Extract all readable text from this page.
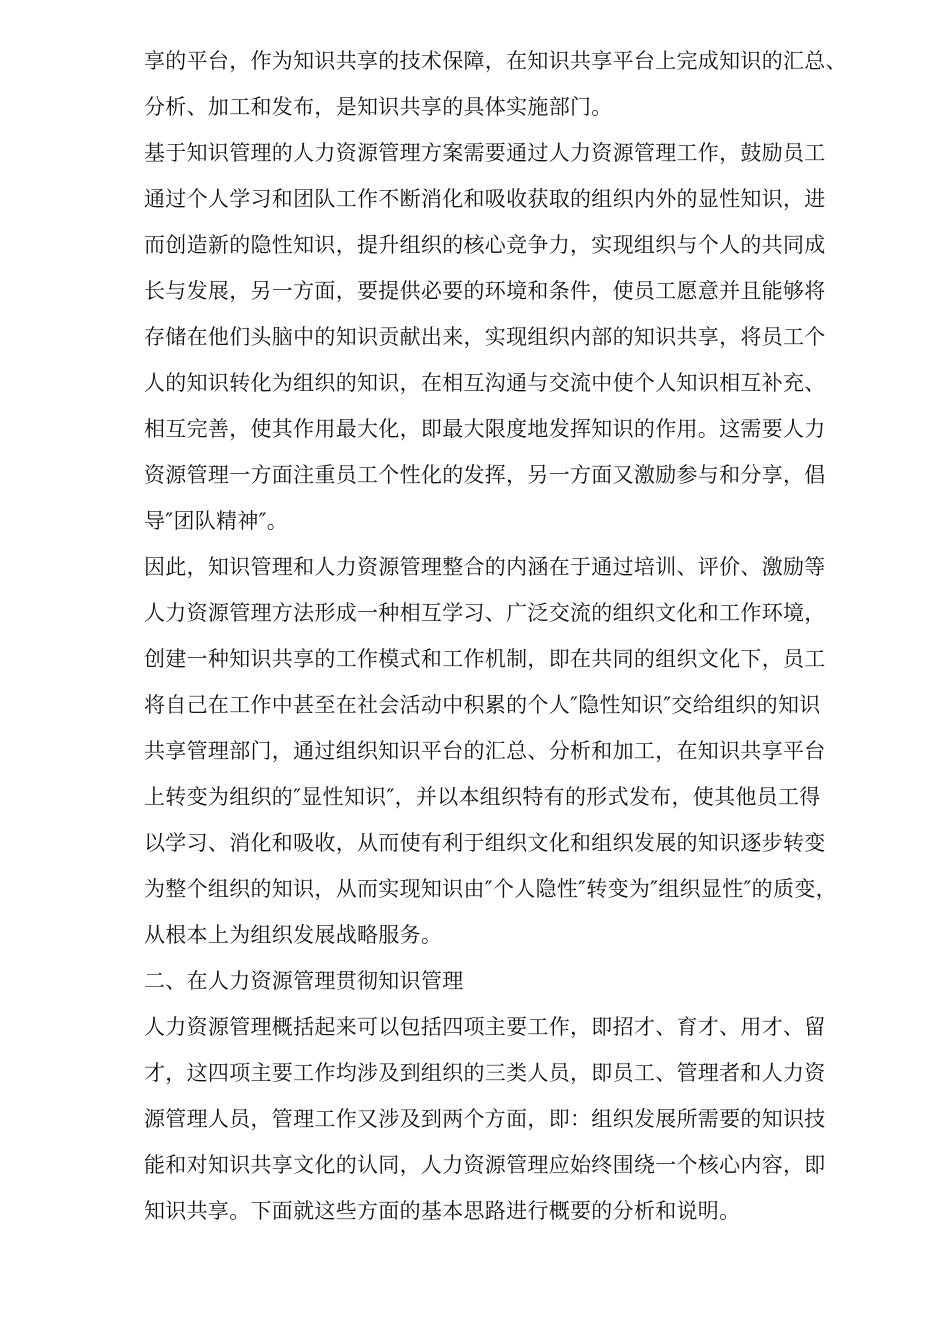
享的平台，作为知识共享的技术保障，在知识共享平台上完成知识的汇总、
分析、加工和发布，是知识共享的具体实施部门。
基于知识管理的人力资源管理方案需要通过人力资源管理工作，鼓励员工
通过个人学习和团队工作不断消化和吸收获取的组织内外的显性知识，进
而创造新的隐性知识，提升组织的核心竞争力，实现组织与个人的共同成
长与发展，另一方面，要提供必要的环境和条件，使员工愿意并且能够将
存储在他们头脑中的知识贡献出来，实现组织内部的知识共享，将员工个
人的知识转化为组织的知识，在相互沟通与交流中使个人知识相互补充、
相互完善，使其作用最大化，即最大限度地发挥知识的作用。这需要人力
资源管理一方面注重员工个性化的发挥，另一方面又激励参与和分享，倡
导″团队精神″。
因此，知识管理和人力资源管理整合的内涵在于通过培训、评价、激励等
人力资源管理方法形成一种相互学习、广泛交流的组织文化和工作环境，
创建一种知识共享的工作模式和工作机制，即在共同的组织文化下，员工
将自己在工作中甚至在社会活动中积累的个人″隐性知识″交给组织的知识
共享管理部门，通过组织知识平台的汇总、分析和加工，在知识共享平台
上转变为组织的″显性知识″，并以本组织特有的形式发布，使其他员工得
以学习、消化和吸收，从而使有利于组织文化和组织发展的知识逐步转变
为整个组织的知识，从而实现知识由″个人隐性″转变为″组织显性″的质变，
从根本上为组织发展战略服务。
二、在人力资源管理贯彻知识管理
人力资源管理概括起来可以包括四项主要工作，即招才、育才、用才、留
才，这四项主要工作均涉及到组织的三类人员，即员工、管理者和人力资
源管理人员，管理工作又涉及到两个方面，即：组织发展所需要的知识技
能和对知识共享文化的认同，人力资源管理应始终围绕一个核心内容，即
知识共享。下面就这些方面的基本思路进行概要的分析和说明。
